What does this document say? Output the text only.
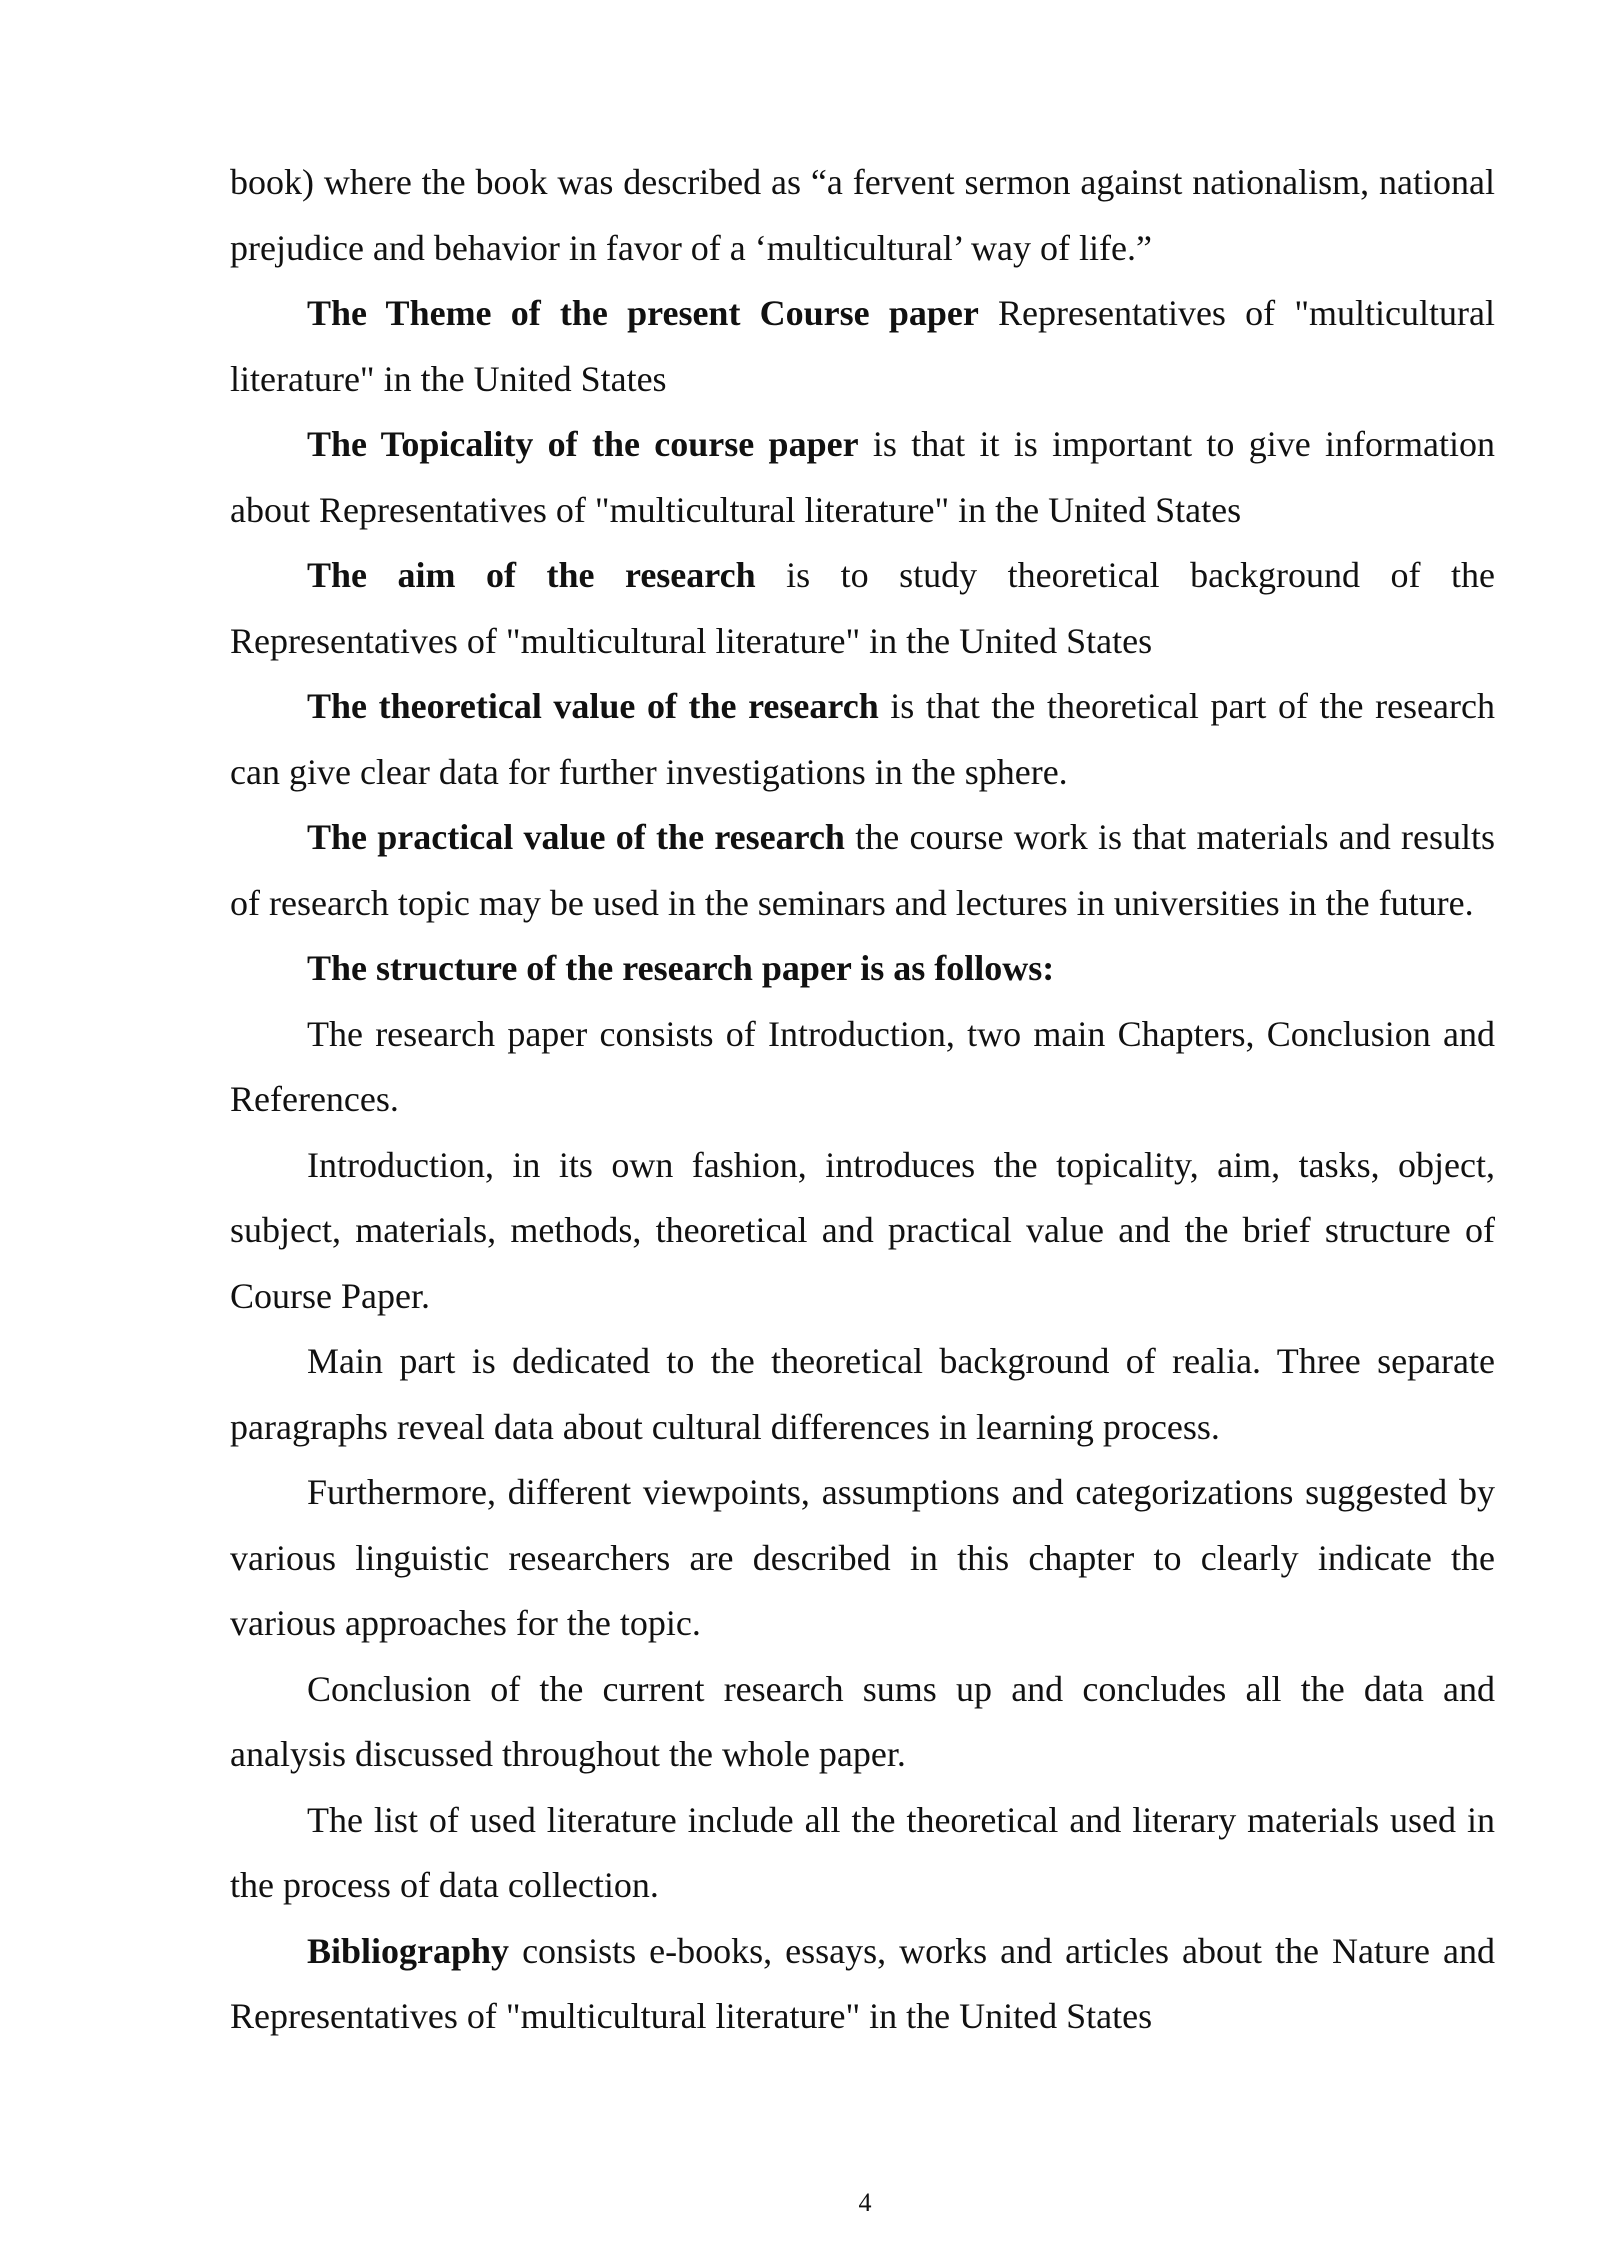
book) where the book was described as “a fervent sermon against nationalism, national prejudice and behavior in favor of a ‘multicultural’ way of life.”

The Theme of the present Course paper Representatives of "multicultural literature" in the United States

The Topicality of the course paper is that it is important to give information about Representatives of "multicultural literature" in the United States

The aim of the research is to study theoretical background of the Representatives of "multicultural literature" in the United States

The theoretical value of the research is that the theoretical part of the research can give clear data for further investigations in the sphere.

The practical value of the research the course work is that materials and results of research topic may be used in the seminars and lectures in universities in the future.

The structure of the research paper is as follows:

The research paper consists of Introduction, two main Chapters, Conclusion and References.

Introduction, in its own fashion, introduces the topicality, aim, tasks, object, subject, materials, methods, theoretical and practical value and the brief structure of Course Paper.

Main part is dedicated to the theoretical background of realia. Three separate paragraphs reveal data about cultural differences in learning process.

Furthermore, different viewpoints, assumptions and categorizations suggested by various linguistic researchers are described in this chapter to clearly indicate the various approaches for the topic.

Conclusion of the current research sums up and concludes all the data and analysis discussed throughout the whole paper.

The list of used literature include all the theoretical and literary materials used in the process of data collection.

Bibliography consists e-books, essays, works and articles about the Nature and Representatives of "multicultural literature" in the United States

4
